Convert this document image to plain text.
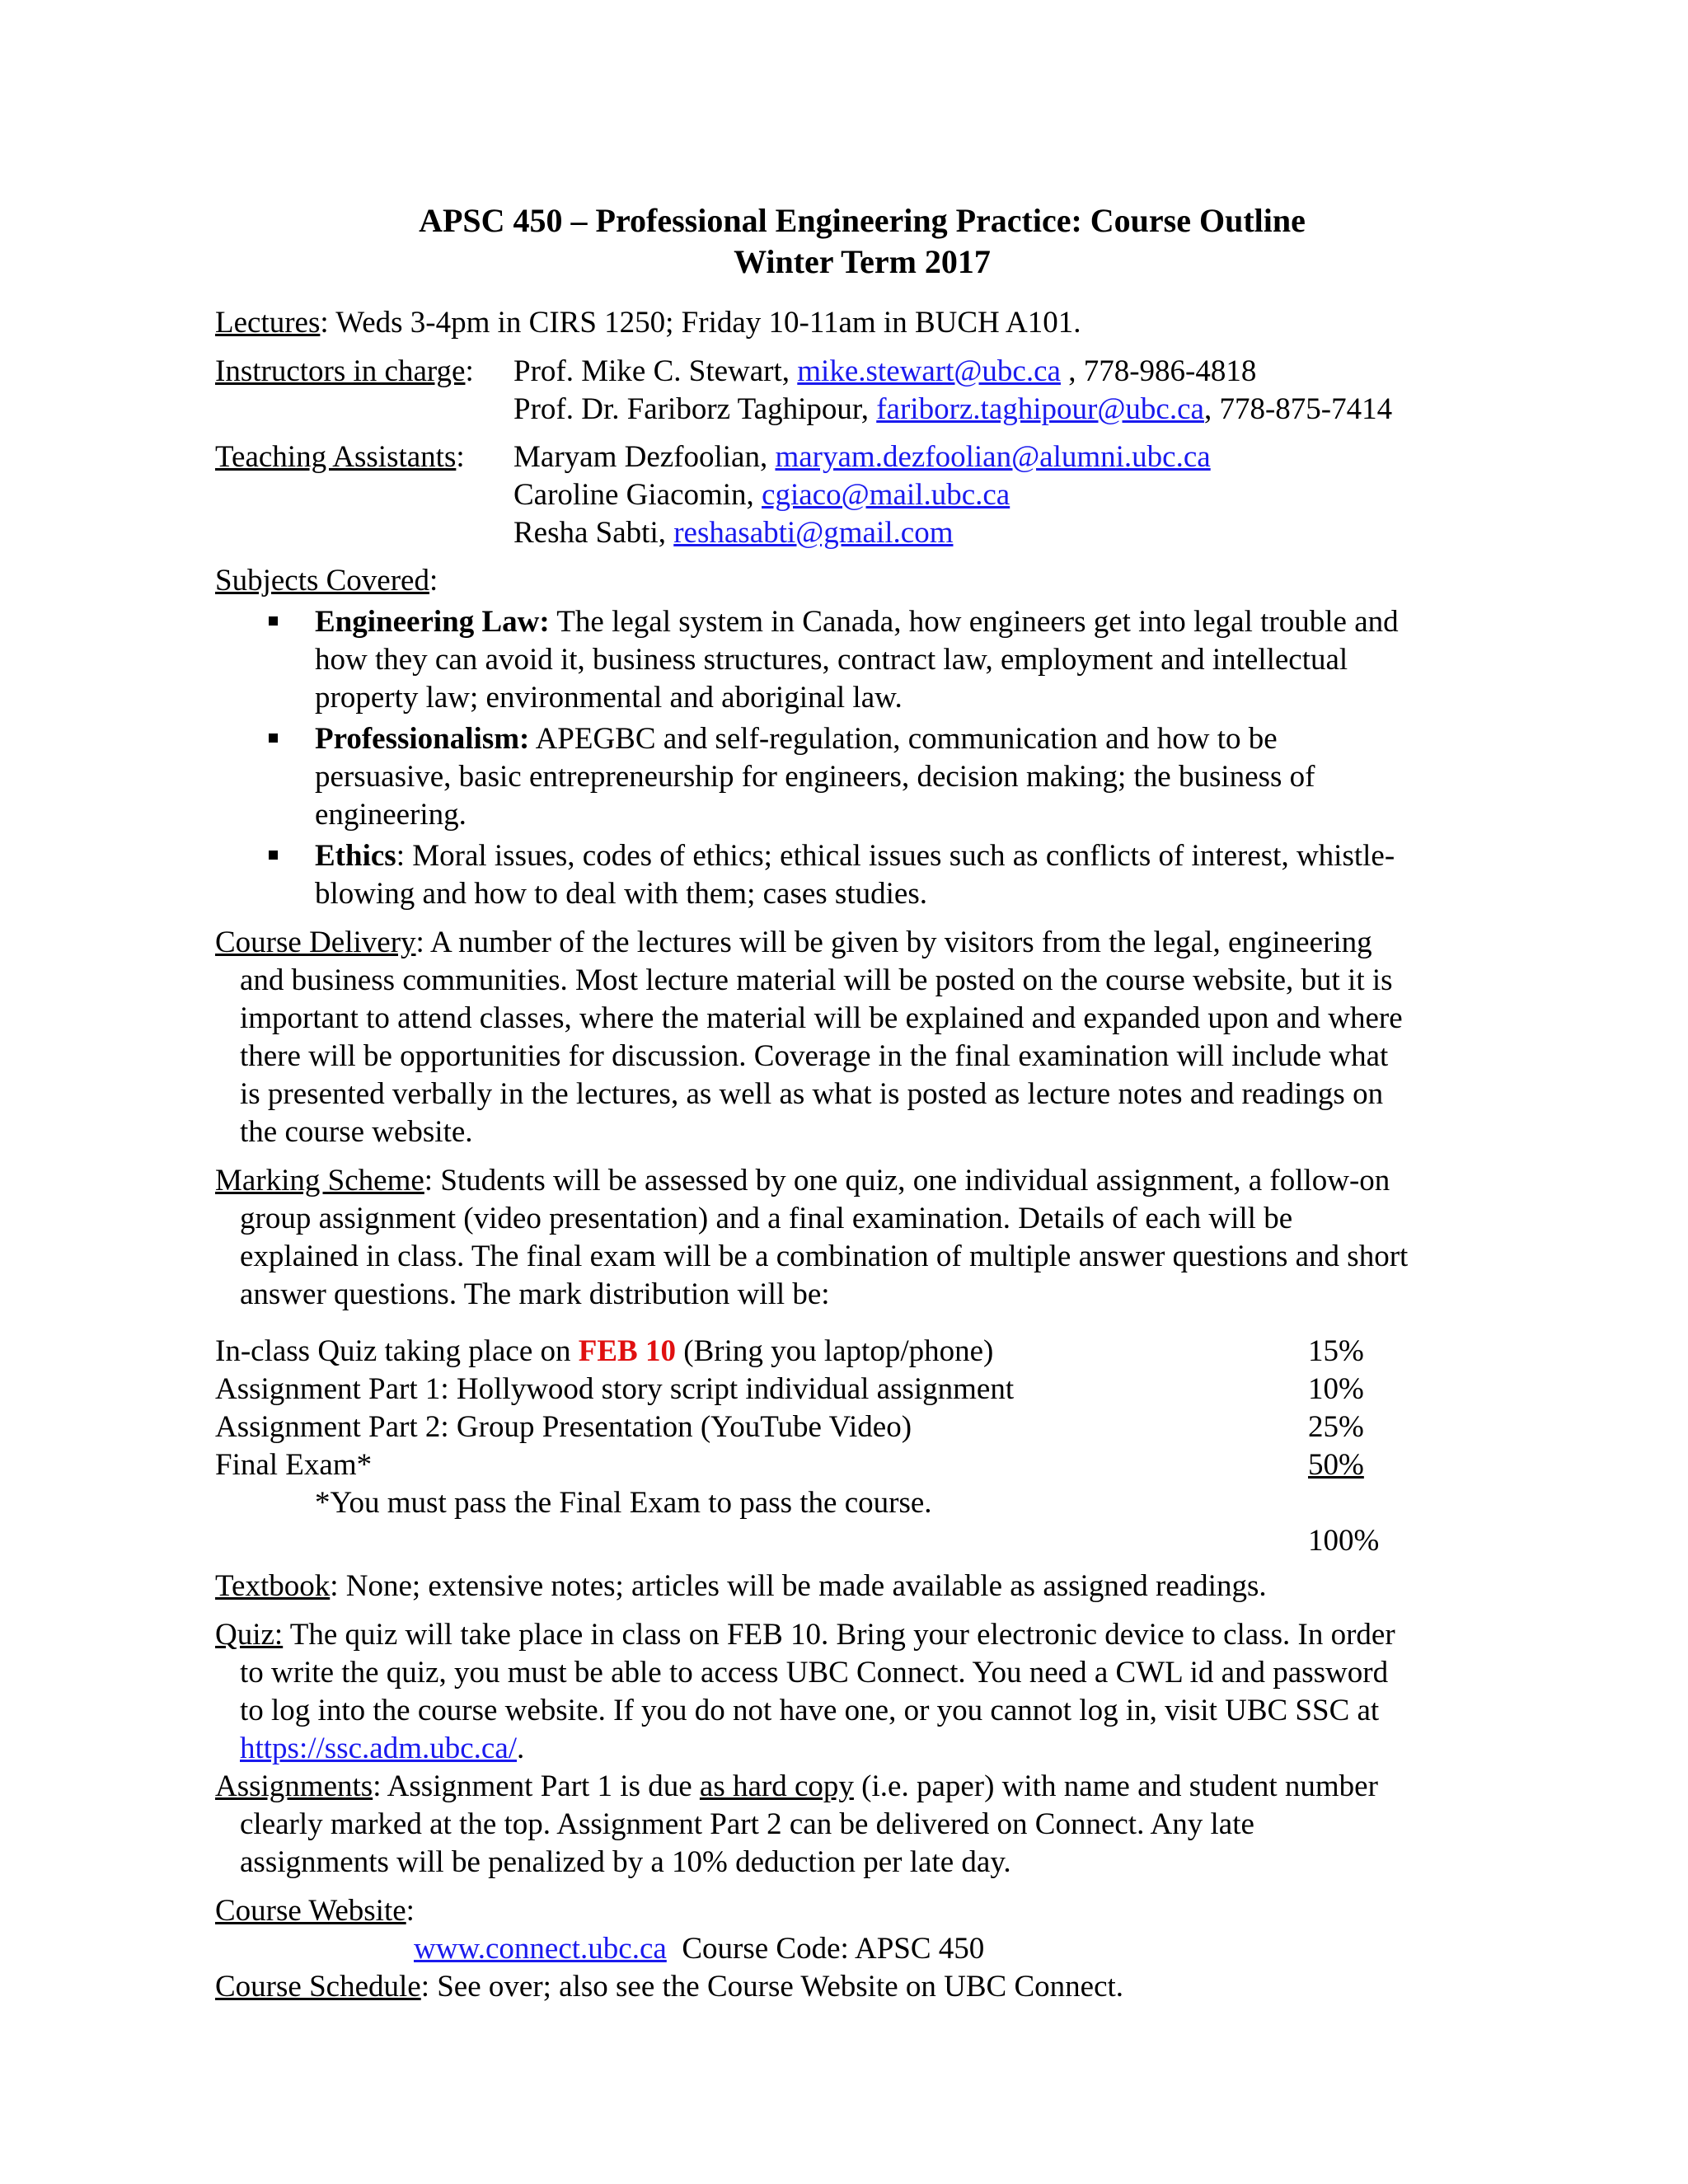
APSC 450 – Professional Engineering Practice: Course Outline
Winter Term 2017
Lectures: Weds 3-4pm in CIRS 1250; Friday 10-11am in BUCH A101.
Instructors in charge: Prof. Mike C. Stewart, mike.stewart@ubc.ca , 778-986-4818
Prof. Dr. Fariborz Taghipour, fariborz.taghipour@ubc.ca, 778-875-7414
Teaching Assistants: Maryam Dezfoolian, maryam.dezfoolian@alumni.ubc.ca
Caroline Giacomin, cgiaco@mail.ubc.ca
Resha Sabti, reshasabti@gmail.com
Subjects Covered:
Engineering Law: The legal system in Canada, how engineers get into legal trouble and
how they can avoid it, business structures, contract law, employment and intellectual
property law; environmental and aboriginal law.
Professionalism: APEGBC and self-regulation, communication and how to be
persuasive, basic entrepreneurship for engineers, decision making; the business of
engineering.
Ethics: Moral issues, codes of ethics; ethical issues such as conflicts of interest, whistle-
blowing and how to deal with them; cases studies.
Course Delivery: A number of the lectures will be given by visitors from the legal, engineering
and business communities. Most lecture material will be posted on the course website, but it is
important to attend classes, where the material will be explained and expanded upon and where
there will be opportunities for discussion. Coverage in the final examination will include what
is presented verbally in the lectures, as well as what is posted as lecture notes and readings on
the course website.
Marking Scheme: Students will be assessed by one quiz, one individual assignment, a follow-on
group assignment (video presentation) and a final examination. Details of each will be
explained in class. The final exam will be a combination of multiple answer questions and short
answer questions. The mark distribution will be:
In-class Quiz taking place on FEB 10 (Bring you laptop/phone)	15%
Assignment Part 1: Hollywood story script individual assignment	10%
Assignment Part 2: Group Presentation (YouTube Video)	25%
Final Exam*	50%
*You must pass the Final Exam to pass the course.
100%
Textbook: None; extensive notes; articles will be made available as assigned readings.
Quiz: The quiz will take place in class on FEB 10. Bring your electronic device to class. In order
to write the quiz, you must be able to access UBC Connect. You need a CWL id and password
to log into the course website. If you do not have one, or you cannot log in, visit UBC SSC at
https://ssc.adm.ubc.ca/.
Assignments: Assignment Part 1 is due as hard copy (i.e. paper) with name and student number
clearly marked at the top. Assignment Part 2 can be delivered on Connect. Any late
assignments will be penalized by a 10% deduction per late day.
Course Website:
www.connect.ubc.ca  Course Code: APSC 450
Course Schedule: See over; also see the Course Website on UBC Connect.
